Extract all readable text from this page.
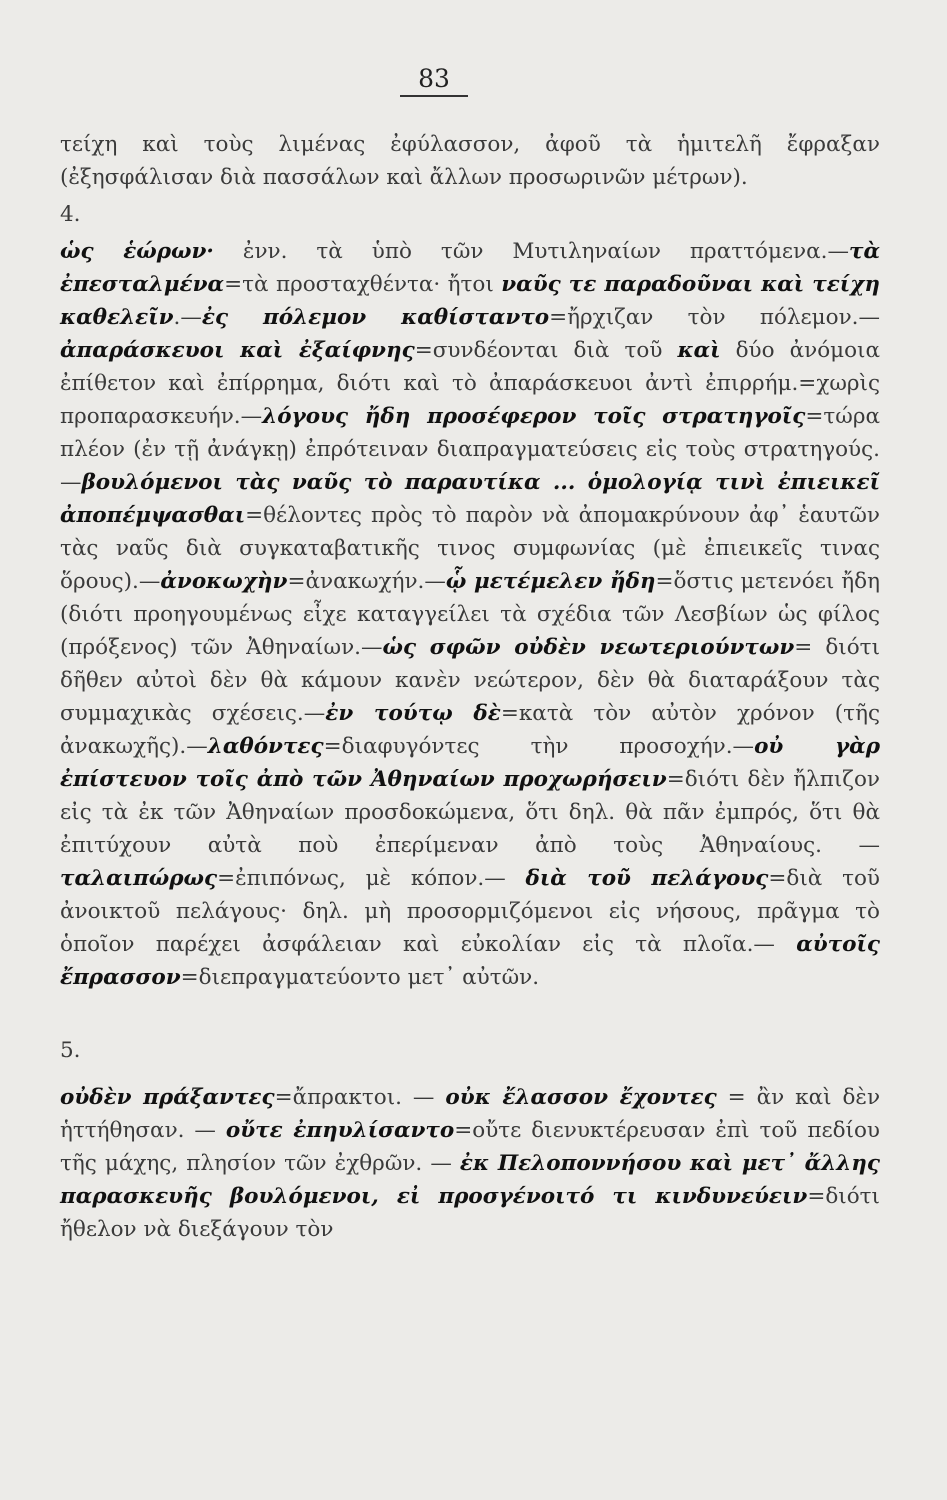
83

τείχη καὶ τοὺς λιμένας ἐφύλασσον, ἀφοῦ τὰ ἡμιτελῆ ἔφραξαν (ἐξησφάλισαν διὰ πασσάλων καὶ ἄλλων προσωρινῶν μέτρων).

4.

ὡς ἑώρων· ἐνν. τὰ ὑπὸ τῶν Μυτιληναίων πραττόμενα.—τὰ ἐπεσταλμένα=τὰ προσταχθέντα· ἤτοι ναῦς τε παραδοῦναι καὶ τείχη καθελεῖν.—ἐς πόλεμον καθίσταντο=ἤρχιζαν τὸν πόλεμον.—ἀπαράσκευοι καὶ ἐξαίφνης=συνδέονται διὰ τοῦ καὶ δύο ἀνόμοια ἐπίθετον καὶ ἐπίρρημα, διότι καὶ τὸ ἀπαράσκευοι ἀντὶ ἐπιρρήμ.=χωρὶς προπαρασκευήν.—λόγους ἤδη προσέφερον τοῖς στρατηγοῖς=τώρα πλέον (ἐν τῇ ἀνάγκῃ) ἐπρότειναν διαπραγματεύσεις εἰς τοὺς στρατηγούς.—βουλόμενοι τὰς ναῦς τὸ παραυτίκα ... ὁμολογίᾳ τινὶ ἐπιεικεῖ ἀποπέμψασθαι=θέλοντες πρὸς τὸ παρὸν νὰ ἀπομακρύνουν ἀφ᾽ ἑαυτῶν τὰς ναῦς διὰ συγκαταβατικῆς τινος συμφωνίας (μὲ ἐπιεικεῖς τινας ὅρους).—ἀνοκωχὴν=ἀνακωχήν.—ᾧ μετέμελεν ἤδη=ὅστις μετενόει ἤδη (διότι προηγουμένως εἶχε καταγγείλει τὰ σχέδια τῶν Λεσβίων ὡς φίλος (πρόξενος) τῶν Ἀθηναίων.—ὡς σφῶν οὐδὲν νεωτεριούντων= διότι δῆθεν αὐτοὶ δὲν θὰ κάμουν κανὲν νεώτερον, δὲν θὰ διαταράξουν τὰς συμμαχικὰς σχέσεις.—ἐν τούτῳ δὲ=κατὰ τὸν αὐτὸν χρόνον (τῆς ἀνακωχῆς).—λαθόντες=διαφυγόντες τὴν προσοχήν.—οὐ γὰρ ἐπίστευον τοῖς ἀπὸ τῶν Ἀθηναίων προχωρήσειν=διότι δὲν ἤλπιζον εἰς τὰ ἐκ τῶν Ἀθηναίων προσδοκώμενα, ὅτι δηλ. θὰ πᾶν ἐμπρός, ὅτι θὰ ἐπιτύχουν αὐτὰ ποὺ ἐπερίμεναν ἀπὸ τοὺς Ἀθηναίους. — ταλαιπώρως=ἐπιπόνως, μὲ κόπον.— διὰ τοῦ πελάγους=διὰ τοῦ ἀνοικτοῦ πελάγους· δηλ. μὴ προσορμιζόμενοι εἰς νήσους, πρᾶγμα τὸ ὁποῖον παρέχει ἀσφάλειαν καὶ εὐκολίαν εἰς τὰ πλοῖα.— αὐτοῖς ἔπρασσον=διεπραγματεύοντο μετ᾽ αὐτῶν.

5.

οὐδὲν πράξαντες=ἄπρακτοι. — οὐκ ἔλασσον ἔχοντες = ἂν καὶ δὲν ἡττήθησαν. — οὔτε ἐπηυλίσαντο=οὔτε διενυκτέρευσαν ἐπὶ τοῦ πεδίου τῆς μάχης, πλησίον τῶν ἐχθρῶν. — ἐκ Πελοποννήσου καὶ μετ᾽ ἄλλης παρασκευῆς βουλόμενοι, εἰ προσγένοιτό τι κινδυνεύειν=διότι ἤθελον νὰ διεξάγουν τὸν
